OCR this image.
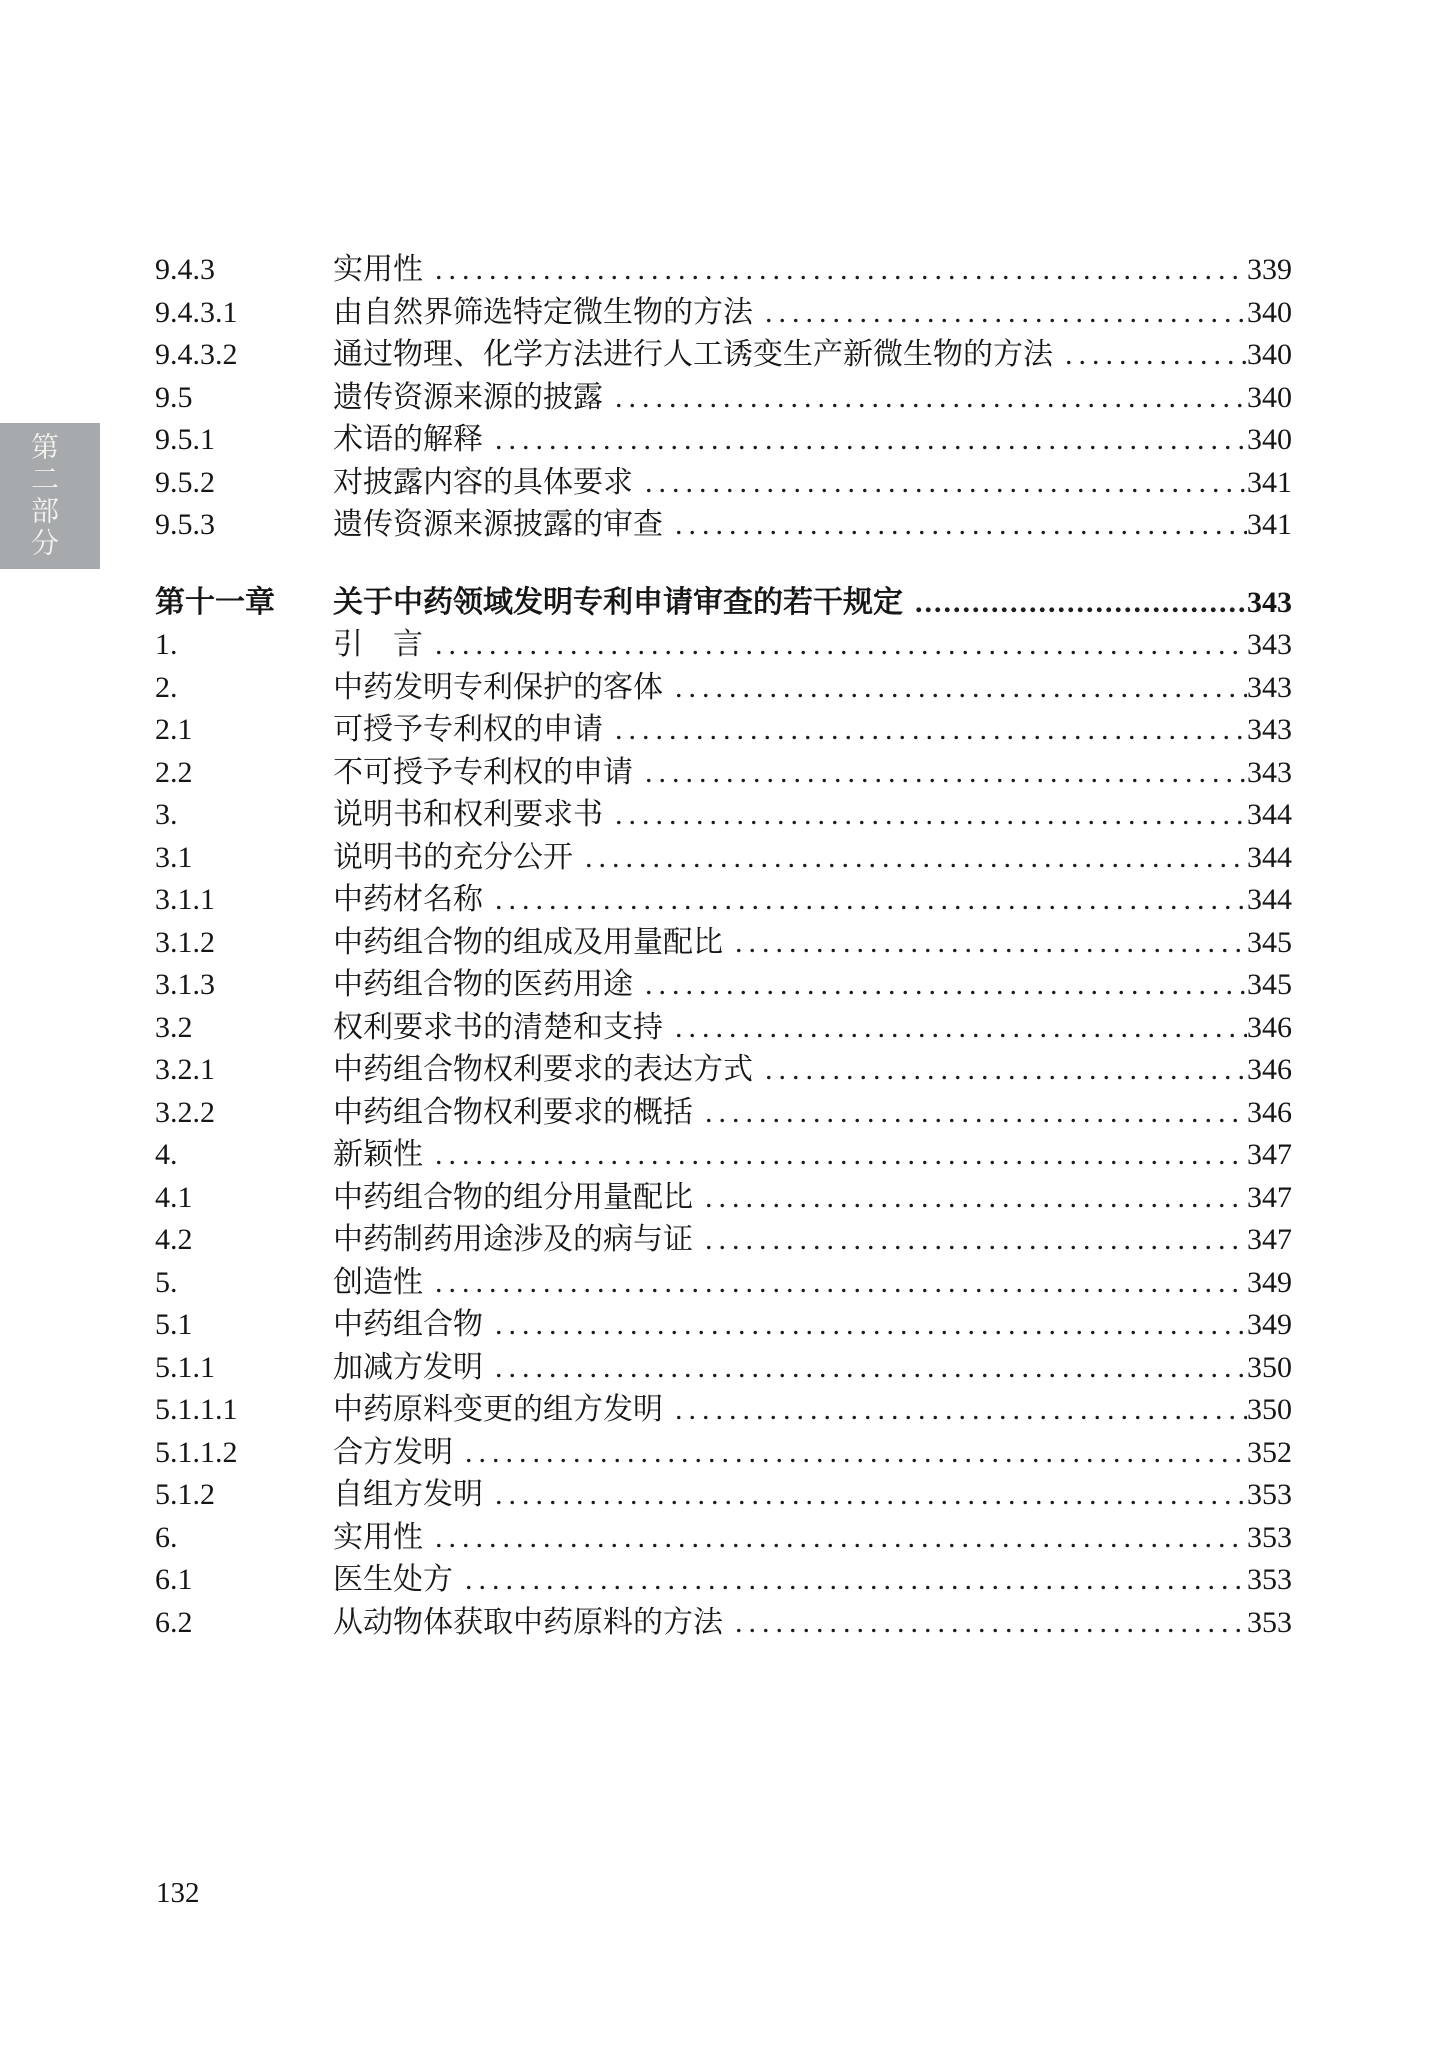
第二部分
9.4.3	实用性 .....	339
9.4.3.1	由自然界筛选特定微生物的方法 .....	340
9.4.3.2	通过物理、化学方法进行人工诱变生产新微生物的方法 .....	340
9.5	遗传资源来源的披露 .....	340
9.5.1	术语的解释 .....	340
9.5.2	对披露内容的具体要求 .....	341
9.5.3	遗传资源来源披露的审查 .....	341
第十一章	关于中药领域发明专利申请审查的若干规定 .....	343
1.	引　言 .....	343
2.	中药发明专利保护的客体 .....	343
2.1	可授予专利权的申请 .....	343
2.2	不可授予专利权的申请 .....	343
3.	说明书和权利要求书 .....	344
3.1	说明书的充分公开 .....	344
3.1.1	中药材名称 .....	344
3.1.2	中药组合物的组成及用量配比 .....	345
3.1.3	中药组合物的医药用途 .....	345
3.2	权利要求书的清楚和支持 .....	346
3.2.1	中药组合物权利要求的表达方式 .....	346
3.2.2	中药组合物权利要求的概括 .....	346
4.	新颖性 .....	347
4.1	中药组合物的组分用量配比 .....	347
4.2	中药制药用途涉及的病与证 .....	347
5.	创造性 .....	349
5.1	中药组合物 .....	349
5.1.1	加减方发明 .....	350
5.1.1.1	中药原料变更的组方发明 .....	350
5.1.1.2	合方发明 .....	352
5.1.2	自组方发明 .....	353
6.	实用性 .....	353
6.1	医生处方 .....	353
6.2	从动物体获取中药原料的方法 .....	353
132
